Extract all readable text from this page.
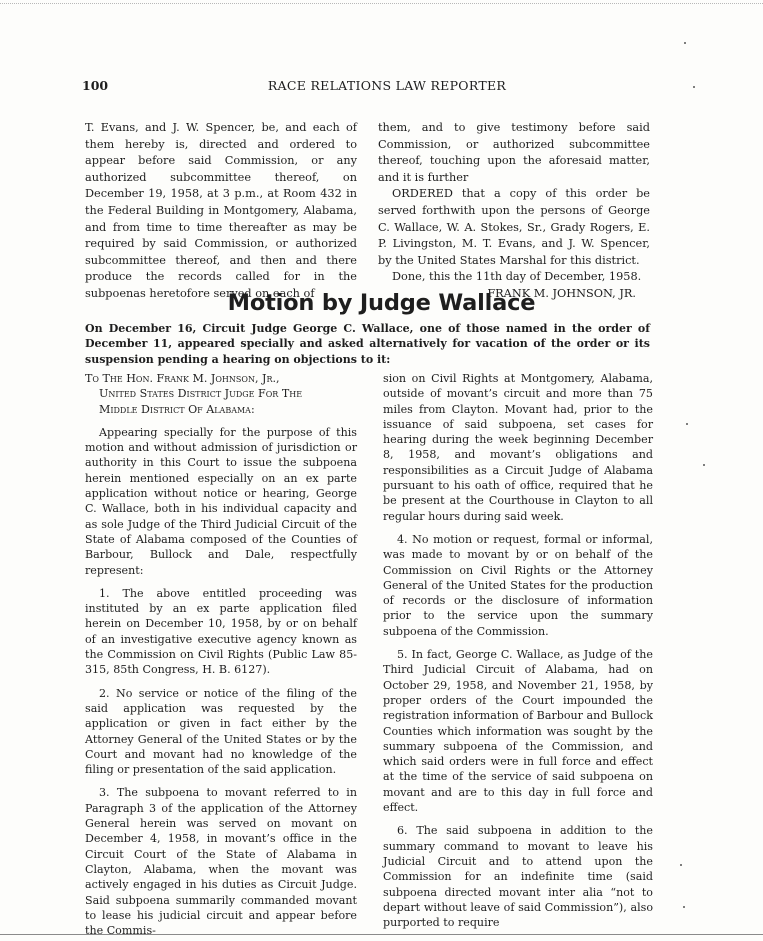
100	RACE RELATIONS LAW REPORTER

T. Evans, and J. W. Spencer, be, and each of them hereby is, directed and ordered to appear before said Commission, or any authorized subcommittee thereof, on December 19, 1958, at 3 p.m., at Room 432 in the Federal Building in Montgomery, Alabama, and from time to time thereafter as may be required by said Commission, or authorized subcommittee thereof, and then and there produce the records called for in the subpoenas heretofore served on each of

them, and to give testimony before said Commission, or authorized subcommittee thereof, touching upon the aforesaid matter, and it is further

ORDERED that a copy of this order be served forthwith upon the persons of George C. Wallace, W. A. Stokes, Sr., Grady Rogers, E. P. Livingston, M. T. Evans, and J. W. Spencer, by the United States Marshal for this district.

Done, this the 11th day of December, 1958.

FRANK M. JOHNSON, JR.

Motion by Judge Wallace
On December 16, Circuit Judge George C. Wallace, one of those named in the order of December 11, appeared specially and asked alternatively for vacation of the order or its suspension pending a hearing on objections to it:

To The Hon. Frank M. Johnson, Jr.,

United States District Judge For The

Middle District Of Alabama:

Appearing specially for the purpose of this motion and without admission of jurisdiction or authority in this Court to issue the subpoena herein mentioned especially on an ex parte application without notice or hearing, George C. Wallace, both in his individual capacity and as sole Judge of the Third Judicial Circuit of the State of Alabama composed of the Counties of Barbour, Bullock and Dale, respectfully represent:

1. The above entitled proceeding was instituted by an ex parte application filed herein on December 10, 1958, by or on behalf of an investigative executive agency known as the Commission on Civil Rights (Public Law 85-315, 85th Congress, H. B. 6127).

2. No service or notice of the filing of the said application was requested by the application or given in fact either by the Attorney General of the United States or by the Court and movant had no knowledge of the filing or presentation of the said application.

3. The subpoena to movant referred to in Paragraph 3 of the application of the Attorney General herein was served on movant on December 4, 1958, in movant’s office in the Circuit Court of the State of Alabama in Clayton, Alabama, when the movant was actively engaged in his duties as Circuit Judge. Said subpoena summarily commanded movant to lease his judicial circuit and appear before the Commis-

sion on Civil Rights at Montgomery, Alabama, outside of movant’s circuit and more than 75 miles from Clayton. Movant had, prior to the issuance of said subpoena, set cases for hearing during the week beginning December 8, 1958, and movant’s obligations and responsibilities as a Circuit Judge of Alabama pursuant to his oath of office, required that he be present at the Courthouse in Clayton to all regular hours during said week.

4. No motion or request, formal or informal, was made to movant by or on behalf of the Commission on Civil Rights or the Attorney General of the United States for the production of records or the disclosure of information prior to the service upon the summary subpoena of the Commission.

5. In fact, George C. Wallace, as Judge of the Third Judicial Circuit of Alabama, had on October 29, 1958, and November 21, 1958, by proper orders of the Court impounded the registration information of Barbour and Bullock Counties which information was sought by the summary subpoena of the Commission, and which said orders were in full force and effect at the time of the service of said subpoena on movant and are to this day in full force and effect.

6. The said subpoena in addition to the summary command to movant to leave his Judicial Circuit and to attend upon the Commission for an indefinite time (said subpoena directed movant inter alia “not to depart without leave of said Commission”), also purported to require
